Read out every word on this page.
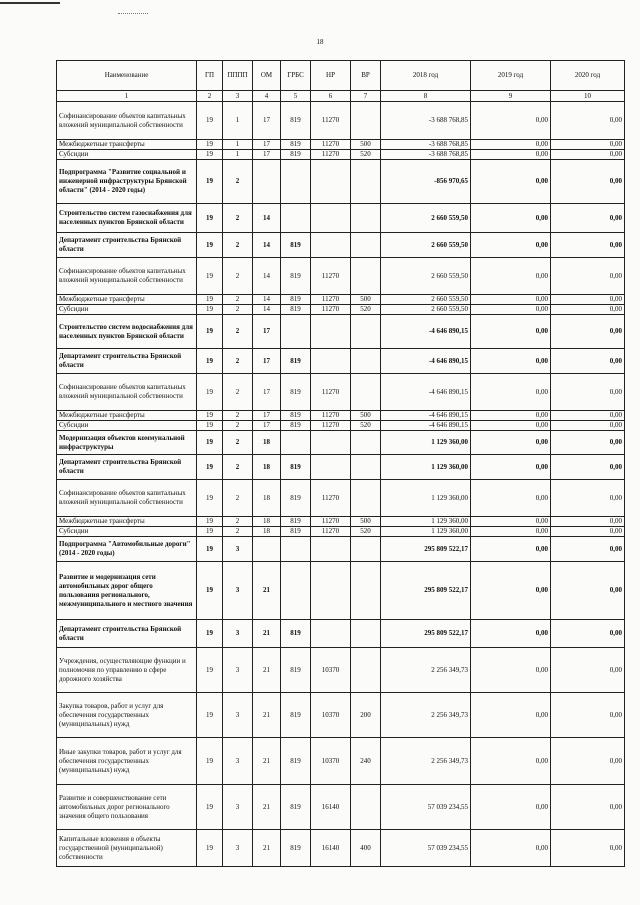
18
Наименование	ГП	ПППП	ОМ	ГРБС	НР	ВР	2018 год	2019 год	2020 год
1	2	3	4	5	6	7	8	9	10
Софинансирование объектов капитальных вложений муниципальной собственности	19	1	17	819	11270		-3 688 768,85	0,00	0,00
Межбюджетные трансферты	19	1	17	819	11270	500	-3 688 768,85	0,00	0,00
Субсидии	19	1	17	819	11270	520	-3 688 768,85	0,00	0,00
Подпрограмма "Развитие социальной и инженерной инфраструктуры Брянской области" (2014 - 2020 годы)	19	2					-856 970,65	0,00	0,00
Строительство систем газоснабжения для населенных пунктов Брянской области	19	2	14				2 660 559,50	0,00	0,00
Департамент строительства Брянской области	19	2	14	819			2 660 559,50	0,00	0,00
Софинансирование объектов капитальных вложений муниципальной собственности	19	2	14	819	11270		2 660 559,50	0,00	0,00
Межбюджетные трансферты	19	2	14	819	11270	500	2 660 559,50	0,00	0,00
Субсидии	19	2	14	819	11270	520	2 660 559,50	0,00	0,00
Строительство систем водоснабжения для населенных пунктов Брянской области	19	2	17				-4 646 890,15	0,00	0,00
Департамент строительства Брянской области	19	2	17	819			-4 646 890,15	0,00	0,00
Софинансирование объектов капитальных вложений муниципальной собственности	19	2	17	819	11270		-4 646 890,15	0,00	0,00
Межбюджетные трансферты	19	2	17	819	11270	500	-4 646 890,15	0,00	0,00
Субсидии	19	2	17	819	11270	520	-4 646 890,15	0,00	0,00
Модернизация объектов коммунальной инфраструктуры	19	2	18				1 129 360,00	0,00	0,00
Департамент строительства Брянской области	19	2	18	819			1 129 360,00	0,00	0,00
Софинансирование объектов капитальных вложений муниципальной собственности	19	2	18	819	11270		1 129 360,00	0,00	0,00
Межбюджетные трансферты	19	2	18	819	11270	500	1 129 360,00	0,00	0,00
Субсидии	19	2	18	819	11270	520	1 129 360,00	0,00	0,00
Подпрограмма "Автомобильные дороги" (2014 - 2020 годы)	19	3					295 809 522,17	0,00	0,00
Развитие и модернизация сети автомобильных дорог общего пользования регионального, межмуниципального и местного значения	19	3	21				295 809 522,17	0,00	0,00
Департамент строительства Брянской области	19	3	21	819			295 809 522,17	0,00	0,00
Учреждения, осуществляющие функции и полномочия по управлению в сфере дорожного хозяйства	19	3	21	819	10370		2 256 349,73	0,00	0,00
Закупка товаров, работ и услуг для обеспечения государственных (муниципальных) нужд	19	3	21	819	10370	200	2 256 349,73	0,00	0,00
Иные закупки товаров, работ и услуг для обеспечения государственных (муниципальных) нужд	19	3	21	819	10370	240	2 256 349,73	0,00	0,00
Развитие и совершенствование сети автомобильных дорог регионального значения общего пользования	19	3	21	819	16140		57 039 234,55	0,00	0,00
Капитальные вложения в объекты государственной (муниципальной) собственности	19	3	21	819	16140	400	57 039 234,55	0,00	0,00
